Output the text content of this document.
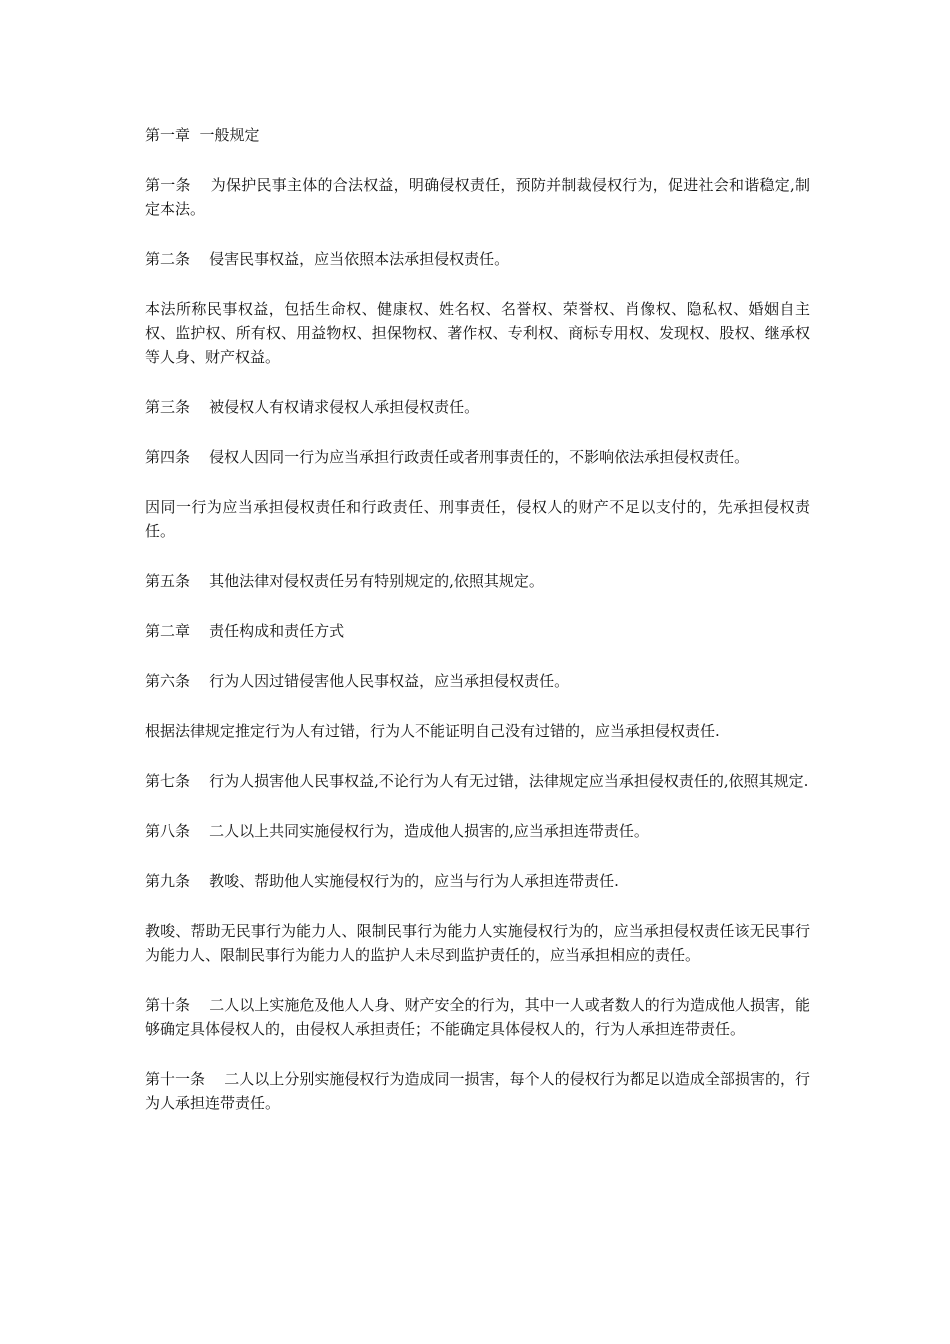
第一章  一般规定

第一条    为保护民事主体的合法权益，明确侵权责任，预防并制裁侵权行为，促进社会和谐稳定,制定本法。

第二条    侵害民事权益，应当依照本法承担侵权责任。

本法所称民事权益，包括生命权、健康权、姓名权、名誉权、荣誉权、肖像权、隐私权、婚姻自主权、监护权、所有权、用益物权、担保物权、著作权、专利权、商标专用权、发现权、股权、继承权等人身、财产权益。

第三条    被侵权人有权请求侵权人承担侵权责任。

第四条    侵权人因同一行为应当承担行政责任或者刑事责任的，不影响依法承担侵权责任。

因同一行为应当承担侵权责任和行政责任、刑事责任，侵权人的财产不足以支付的，先承担侵权责任。

第五条    其他法律对侵权责任另有特别规定的,依照其规定。

第二章    责任构成和责任方式

第六条    行为人因过错侵害他人民事权益，应当承担侵权责任。

根据法律规定推定行为人有过错，行为人不能证明自己没有过错的，应当承担侵权责任.

第七条    行为人损害他人民事权益,不论行为人有无过错，法律规定应当承担侵权责任的,依照其规定.

第八条    二人以上共同实施侵权行为，造成他人损害的,应当承担连带责任。

第九条    教唆、帮助他人实施侵权行为的，应当与行为人承担连带责任.

教唆、帮助无民事行为能力人、限制民事行为能力人实施侵权行为的，应当承担侵权责任该无民事行为能力人、限制民事行为能力人的监护人未尽到监护责任的，应当承担相应的责任。

第十条    二人以上实施危及他人人身、财产安全的行为，其中一人或者数人的行为造成他人损害，能够确定具体侵权人的，由侵权人承担责任；不能确定具体侵权人的，行为人承担连带责任。

第十一条    二人以上分别实施侵权行为造成同一损害，每个人的侵权行为都足以造成全部损害的，行为人承担连带责任。
